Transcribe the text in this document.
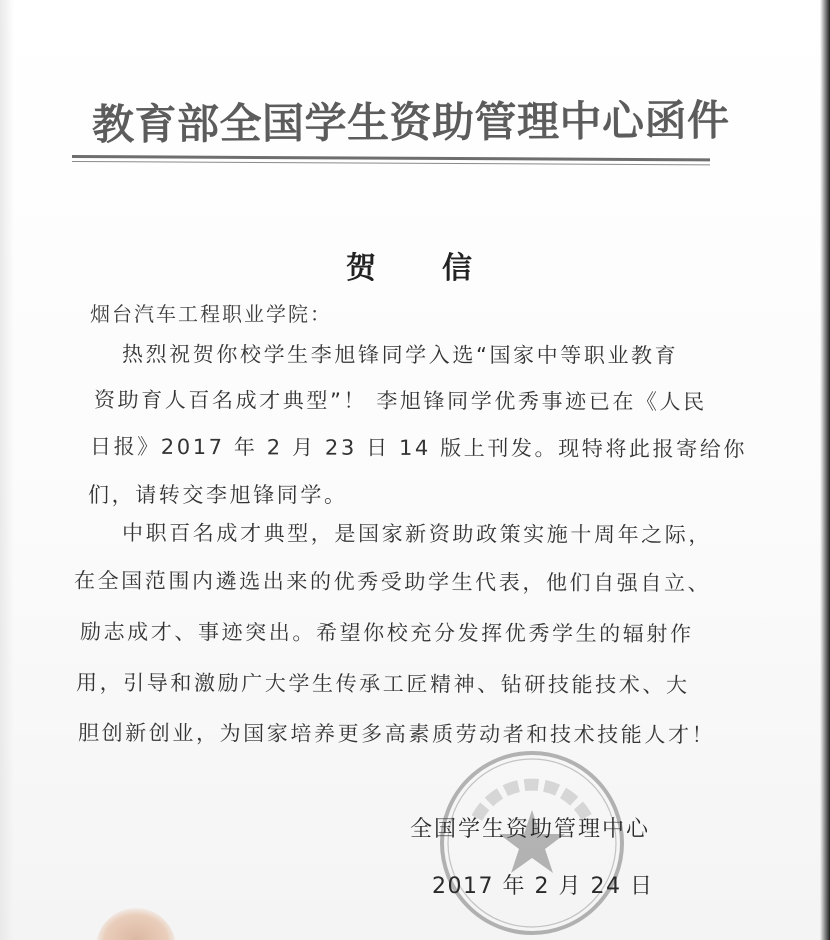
教育部全国学生资助管理中心函件
贺 信
烟台汽车工程职业学院：
热烈祝贺你校学生李旭锋同学入选“国家中等职业教育
资助育人百名成才典型”！ 李旭锋同学优秀事迹已在《人民
日报》2017 年 2 月 23 日 14 版上刊发。现特将此报寄给你
们，请转交李旭锋同学。
中职百名成才典型，是国家新资助政策实施十周年之际，
在全国范围内遴选出来的优秀受助学生代表，他们自强自立、
励志成才、事迹突出。希望你校充分发挥优秀学生的辐射作
用，引导和激励广大学生传承工匠精神、钻研技能技术、大
胆创新创业，为国家培养更多高素质劳动者和技术技能人才！
全国学生资助管理中心
2017 年 2 月 24 日
